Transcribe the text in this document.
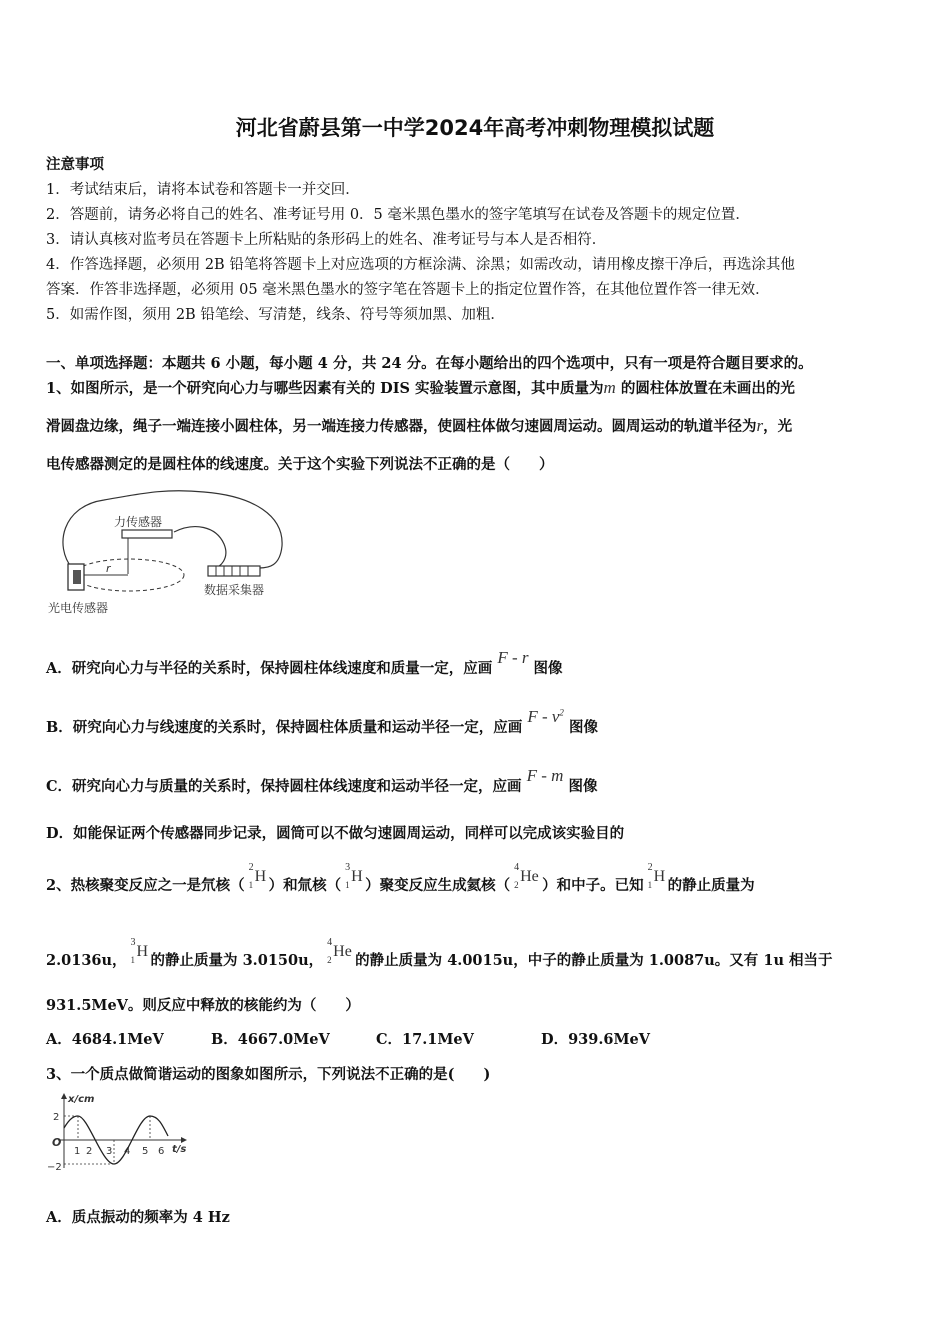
河北省蔚县第一中学2024年高考冲刺物理模拟试题
注意事项
1．考试结束后，请将本试卷和答题卡一并交回．
2．答题前，请务必将自己的姓名、准考证号用 0．5 毫米黑色墨水的签字笔填写在试卷及答题卡的规定位置．
3．请认真核对监考员在答题卡上所粘贴的条形码上的姓名、准考证号与本人是否相符．
4．作答选择题，必须用 2B 铅笔将答题卡上对应选项的方框涂满、涂黑；如需改动，请用橡皮擦干净后，再选涂其他
答案．作答非选择题，必须用 05 毫米黑色墨水的签字笔在答题卡上的指定位置作答，在其他位置作答一律无效．
5．如需作图，须用 2B 铅笔绘、写清楚，线条、符号等须加黑、加粗．
一、单项选择题：本题共 6 小题，每小题 4 分，共 24 分。在每小题给出的四个选项中，只有一项是符合题目要求的。
1、如图所示，是一个研究向心力与哪些因素有关的 DIS 实验装置示意图，其中质量为m 的圆柱体放置在未画出的光
滑圆盘边缘，绳子一端连接小圆柱体，另一端连接力传感器，使圆柱体做匀速圆周运动。圆周运动的轨道半径为r，光
电传感器测定的是圆柱体的线速度。关于这个实验下列说法不正确的是（　　）
力传感器
r
数据采集器
光电传感器
A．研究向心力与半径的关系时，保持圆柱体线速度和质量一定，应画 F - r 图像
B．研究向心力与线速度的关系时，保持圆柱体质量和运动半径一定，应画 F - $v^2$ 图像
C．研究向心力与质量的关系时，保持圆柱体线速度和运动半径一定，应画 F - m 图像
D．如能保证两个传感器同步记录，圆筒可以不做匀速圆周运动，同样可以完成该实验目的
2、热核聚变反应之一是氘核（
2
1 H
）和氚核（
3
1 H
）聚变反应生成氦核（
4
2 He
）和中子。已知
2
1 H
的静止质量为
2.0136u，
3
1 H
的静止质量为 3.0150u，
4
2 He
的静止质量为 4.0015u，中子的静止质量为 1.0087u。又有 1u 相当于
931.5MeV。则反应中释放的核能约为（　　）
A．4684.1MeV	B．4667.0MeV	C．17.1MeV	D．939.6MeV
3、一个质点做简谐运动的图象如图所示，下列说法不正确的是(　　)
x/cm
t/s
O
2
−2
1 2 3 4 5 6
A．质点振动的频率为 4 Hz
